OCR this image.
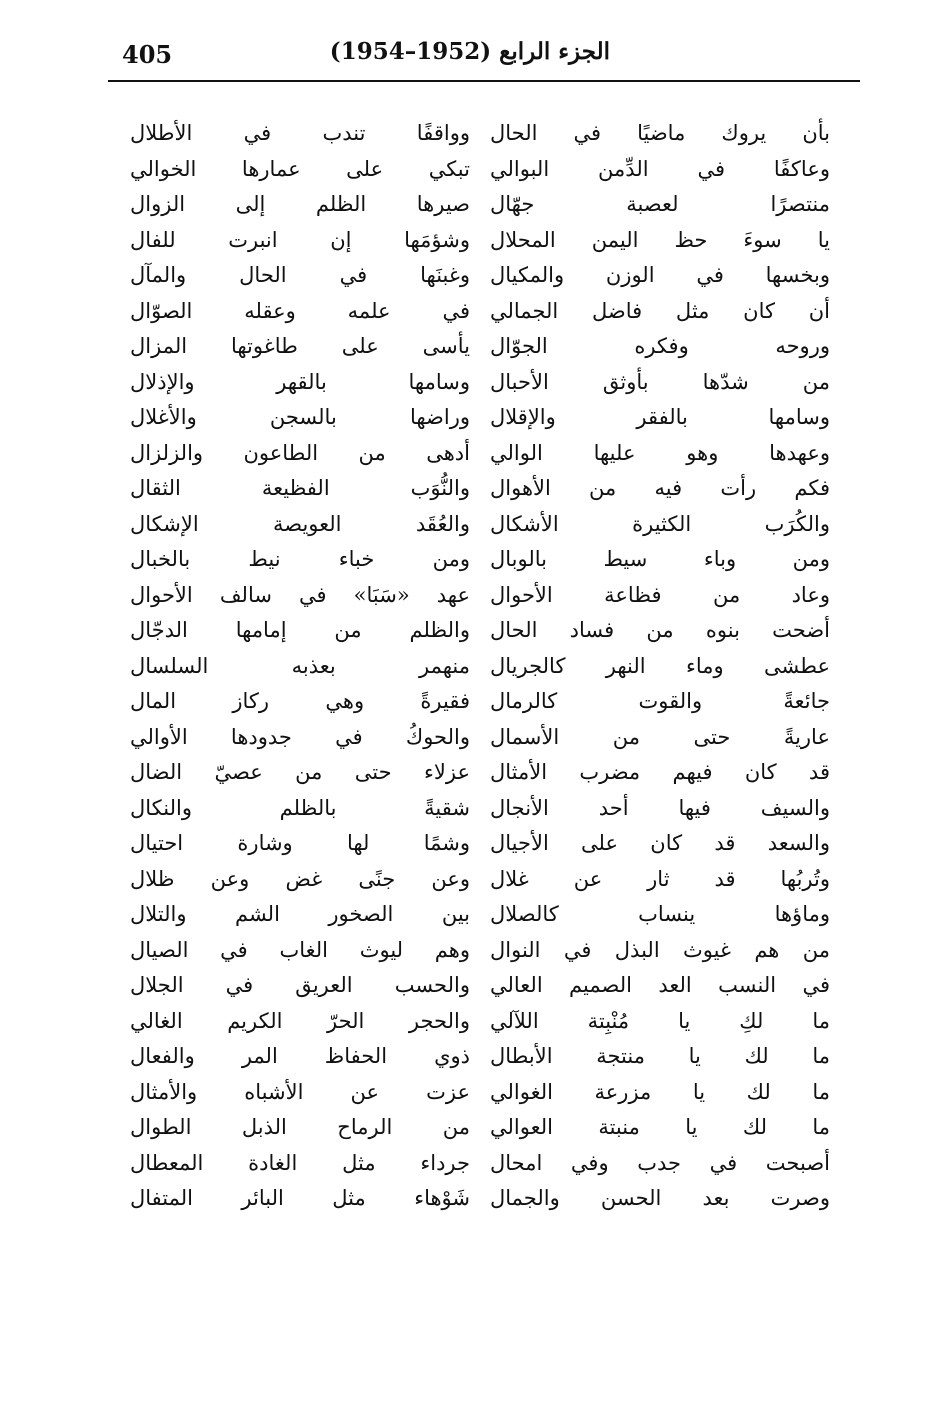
405	الجزء الرابع (1952–1954)
بأن يروك ماضيًا في الحال
وعاكفًا في الدِّمن البوالي
منتصرًا لعصبة جهّال
يا سوءَ حظ اليمن المحلال
وبخسها في الوزن والمكيال
أن كان مثل فاضل الجمالي
وروحه وفكره الجوّال
من شدّها بأوثق الأحبال
وسامها بالفقر والإقلال
وعهدها وهو عليها الوالي
فكم رأت فيه من الأهوال
والكُرَب الكثيرة الأشكال
ومن وباء سيط بالوبال
وعاد من فظاعة الأحوال
أضحت بنوه من فساد الحال
عطشى وماء النهر كالجريال
جائعةً والقوت كالرمال
عاريةً حتى من الأسمال
قد كان فيهم مضرب الأمثال
والسيف فيها أحد الأنجال
والسعد قد كان على الأجيال
وتُربُها قد ثار عن غلال
وماؤها ينساب كالصلال
من هم غيوث البذل في النوال
في النسب العد الصميم العالي
ما لكِ يا مُنْبِتة اللآلي
ما لك يا منتجة الأبطال
ما لك يا مزرعة الغوالي
ما لك يا منبتة العوالي
أصبحت في جدب وفي امحال
وصرت بعد الحسن والجمال
وواقفًا تندب في الأطلال
تبكي على عمارها الخوالي
صيرها الظلم إلى الزوال
وشؤمَها إن انبرت للفال
وغبنَها في الحال والمآل
في علمه وعقله الصوّال
يأسى على طاغوتها المزال
وسامها بالقهر والإذلال
وراضها بالسجن والأغلال
أدهى من الطاعون والزلزال
والنُّوَب الفظيعة الثقال
والعُقَد العويصة الإشكال
ومن خباء نيط بالخبال
عهد «سَبَا» في سالف الأحوال
والظلم من إمامها الدجّال
منهمر بعذبه السلسال
فقيرةً وهي ركاز المال
والحوكُ في جدودها الأوالي
عزلاء حتى من عصيّ الضال
شقيةً بالظلم والنكال
وشمًا لها وشارة احتيال
وعن جنًى غض وعن ظلال
بين الصخور الشم والتلال
وهم ليوث الغاب في الصيال
والحسب العريق في الجلال
والحجر الحرّ الكريم الغالي
ذوي الحفاظ المر والفعال
عزت عن الأشباه والأمثال
من الرماح الذبل الطوال
جرداء مثل الغادة المعطال
شَوْهاء مثل البائر المتفال
